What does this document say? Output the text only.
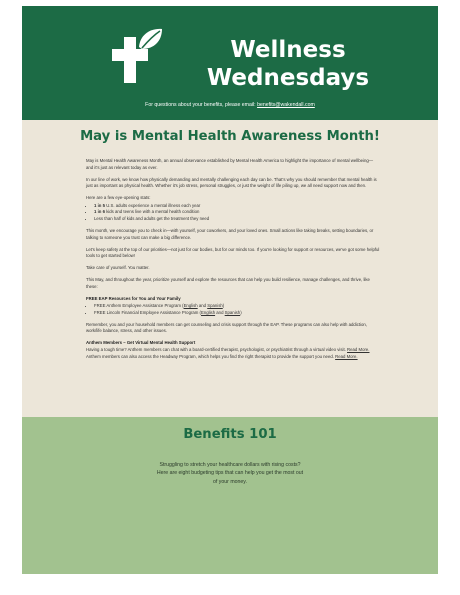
Wellness
Wednesdays
For questions about your benefits, please email: benefits@wakendall.com
May is Mental Health Awareness Month!

May is Mental Health Awareness Month, an annual observance established by Mental Health America to highlight the importance of mental wellbeing—and it's just as relevant today as ever.

In our line of work, we know how physically demanding and mentally challenging each day can be. That's why you should remember that mental health is just as important as physical health. Whether it's job stress, personal struggles, or just the weight of life piling up, we all need support now and then.

Here are a few eye-opening stats:

• 1 in 5 U.S. adults experience a mental illness each year
• 1 in 6 kids and teens live with a mental health condition
• Less than half of kids and adults get the treatment they need

This month, we encourage you to check in—with yourself, your coworkers, and your loved ones. Small actions like taking breaks, setting boundaries, or talking to someone you trust can make a big difference.

Let's keep safety at the top of our priorities—not just for our bodies, but for our minds too. If you're looking for support or resources, we've got some helpful tools to get started below!

Take care of yourself. You matter.

This May, and throughout the year, prioritize yourself and explore the resources that can help you build resilience, manage challenges, and thrive, like these:

FREE EAP Resources for You and Your Family
• FREE Anthem Employee Assistance Program (English and Spanish)
• FREE Lincoln Financial Employee Assistance Program (English and Spanish)

Remember, you and your household members can get counseling and crisis support through the EAP. These programs can also help with addiction, work/life balance, stress, and other issues.

Anthem Members – Get Virtual Mental Health Support
Having a tough time? Anthem members can chat with a board-certified therapist, psychologist, or psychiatrist through a virtual video visit. Read More.
Anthem members can also access the Headway Program, which helps you find the right therapist to provide the support you need. Read More.
Benefits 101
Struggling to stretch your healthcare dollars with rising costs?
Here are eight budgeting tips that can help you get the most out
of your money.
